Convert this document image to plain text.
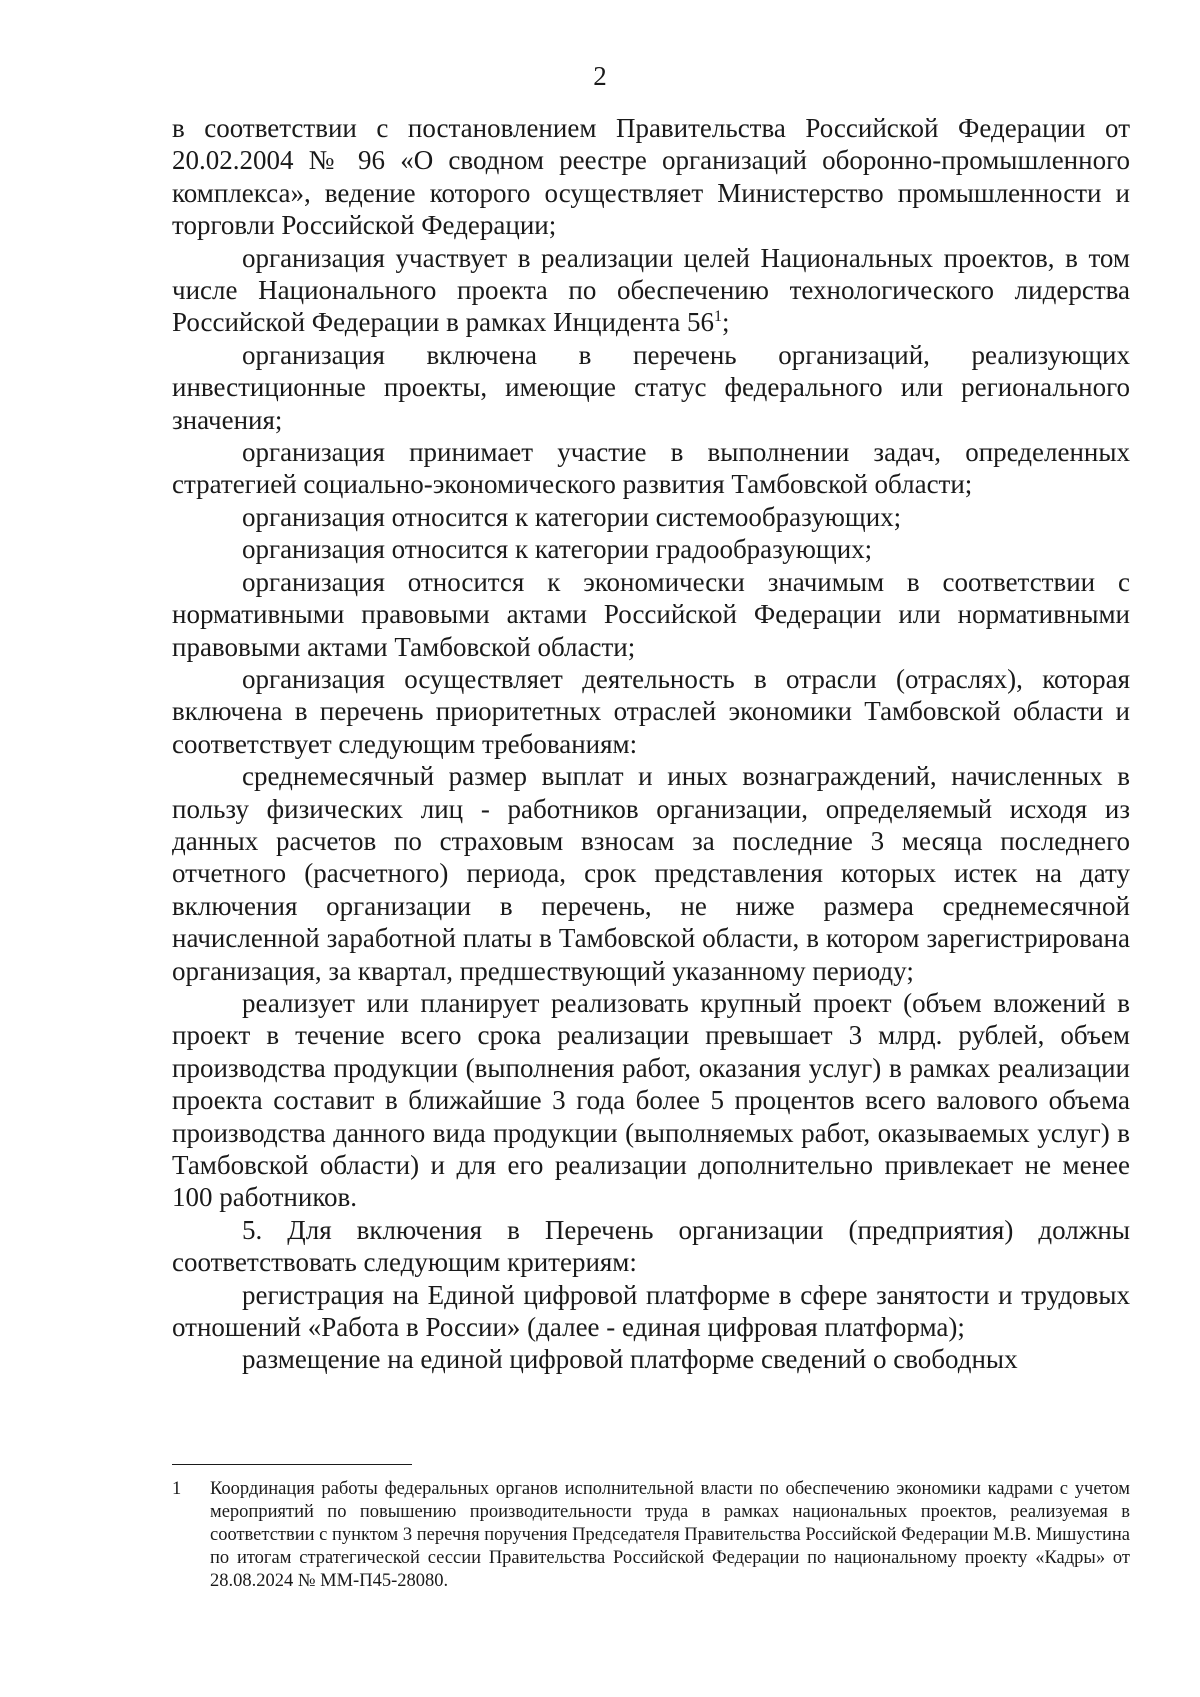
2

в соответствии с постановлением Правительства Российской Федерации от 20.02.2004 № 96 «О сводном реестре организаций оборонно-промышленного комплекса», ведение которого осуществляет Министерство промышленности и торговли Российской Федерации;

организация участвует в реализации целей Национальных проектов, в том числе Национального проекта по обеспечению технологического лидерства Российской Федерации в рамках Инцидента 56$^1$;

организация включена в перечень организаций, реализующих инвестиционные проекты, имеющие статус федерального или регионального значения;

организация принимает участие в выполнении задач, определенных стратегией социально-экономического развития Тамбовской области;

организация относится к категории системообразующих;

организация относится к категории градообразующих;

организация относится к экономически значимым в соответствии с нормативными правовыми актами Российской Федерации или нормативными правовыми актами Тамбовской области;

организация осуществляет деятельность в отрасли (отраслях), которая включена в перечень приоритетных отраслей экономики Тамбовской области и соответствует следующим требованиям:

среднемесячный размер выплат и иных вознаграждений, начисленных в пользу физических лиц - работников организации, определяемый исходя из данных расчетов по страховым взносам за последние 3 месяца последнего отчетного (расчетного) периода, срок представления которых истек на дату включения организации в перечень, не ниже размера среднемесячной начисленной заработной платы в Тамбовской области, в котором зарегистрирована организация, за квартал, предшествующий указанному периоду;

реализует или планирует реализовать крупный проект (объем вложений в проект в течение всего срока реализации превышает 3 млрд. рублей, объем производства продукции (выполнения работ, оказания услуг) в рамках реализации проекта составит в ближайшие 3 года более 5 процентов всего валового объема производства данного вида продукции (выполняемых работ, оказываемых услуг) в Тамбовской области) и для его реализации дополнительно привлекает не менее 100 работников.

5. Для включения в Перечень организации (предприятия) должны соответствовать следующим критериям:

регистрация на Единой цифровой платформе в сфере занятости и трудовых отношений «Работа в России» (далее - единая цифровая платформа);

размещение на единой цифровой платформе сведений о свободных

1 Координация работы федеральных органов исполнительной власти по обеспечению экономики кадрами с учетом мероприятий по повышению производительности труда в рамках национальных проектов, реализуемая в соответствии с пунктом 3 перечня поручения Председателя Правительства Российской Федерации М.В. Мишустина по итогам стратегической сессии Правительства Российской Федерации по национальному проекту «Кадры» от 28.08.2024 № ММ-П45-28080.
